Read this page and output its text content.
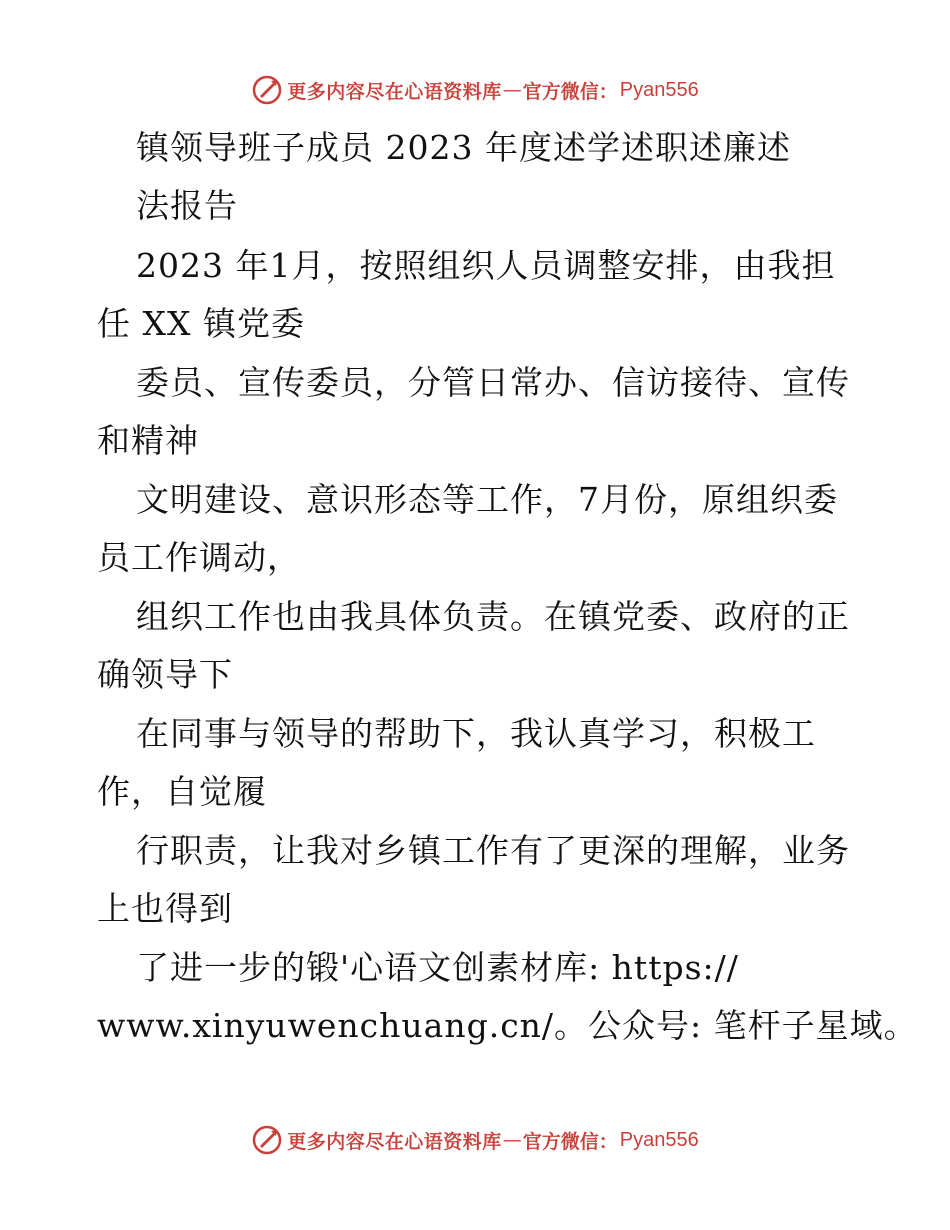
更多内容尽在心语资料库 — 官方微信： Pyan556
镇领导班子成员 2023 年度述学述职述廉述
法报告
2023 年1月，按照组织人员调整安排，由我担
任 XX 镇党委
委员、宣传委员，分管日常办、信访接待、宣传
和精神
文明建设、意识形态等工作，7月份，原组织委
员工作调动，
组织工作也由我具体负责。在镇党委、政府的正
确领导下
在同事与领导的帮助下，我认真学习，积极工
作，自觉履
行职责，让我对乡镇工作有了更深的理解，业务
上也得到
了进一步的锻'心语文创素材库: https://
www.xinyuwenchuang.cn/。公众号: 笔杆子星域。
更多内容尽在心语资料库 — 官方微信： Pyan556
